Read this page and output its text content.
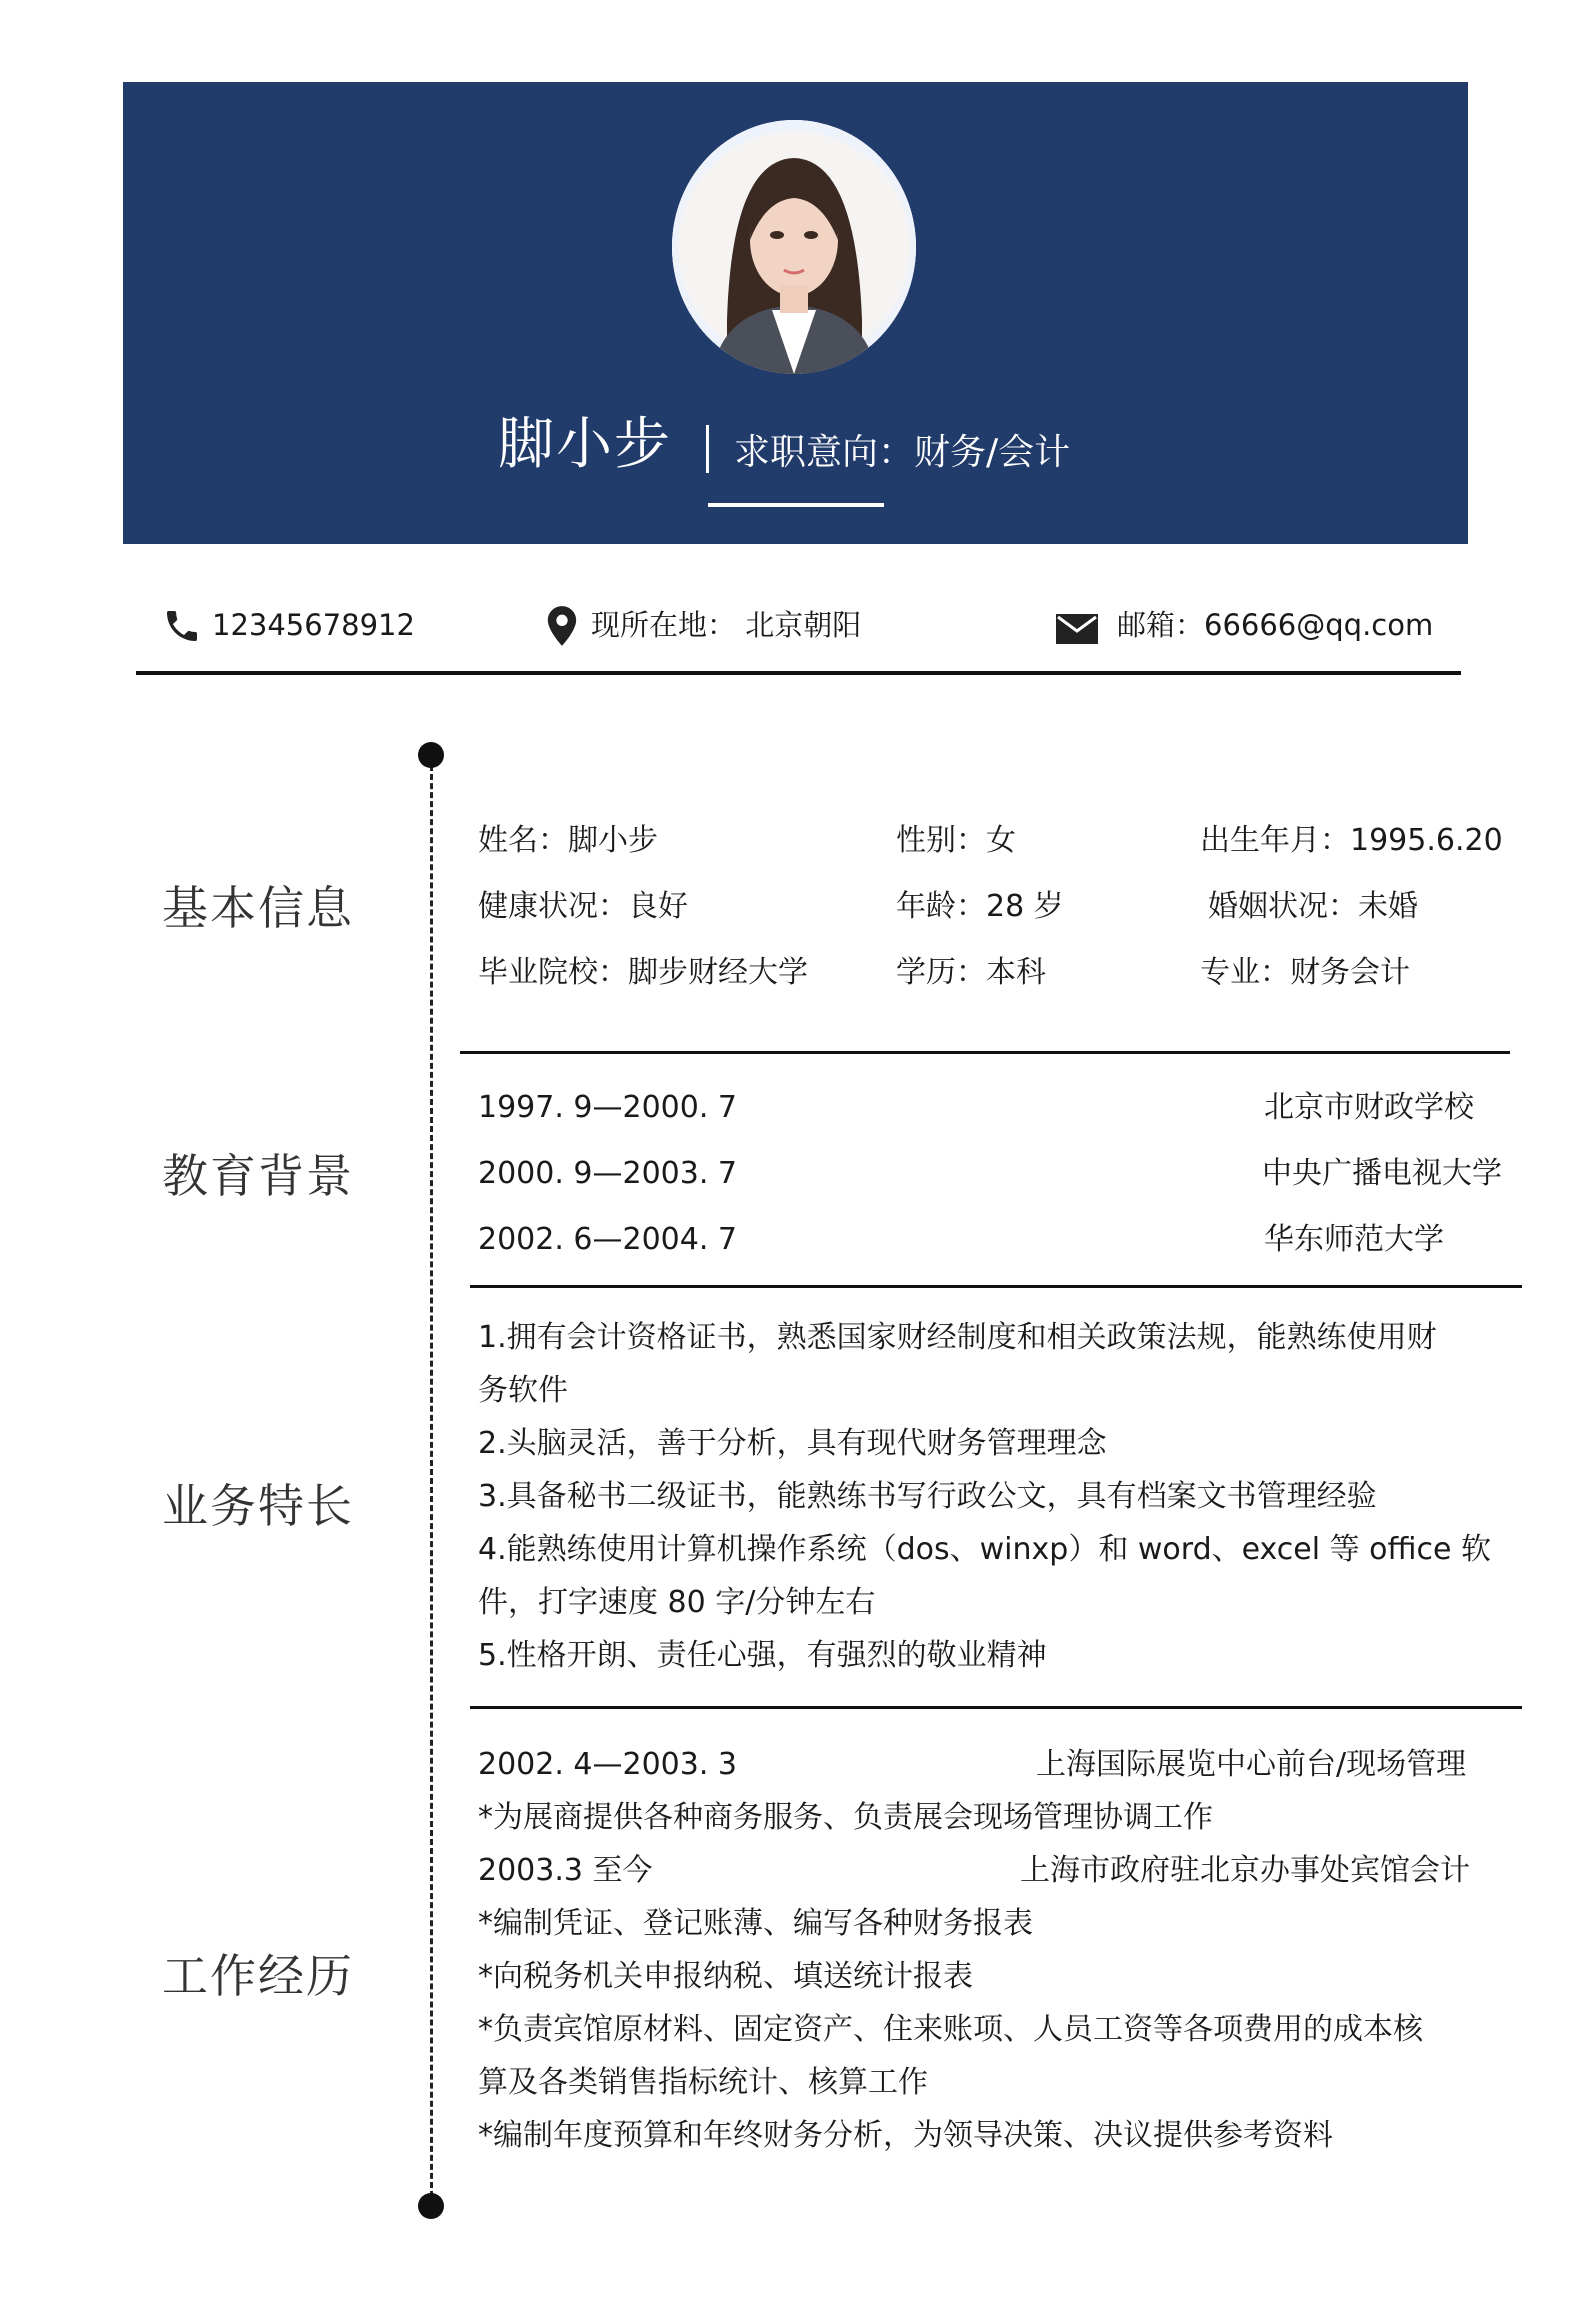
脚小步 求职意向：财务/会计
12345678912	现所在地： 北京朝阳	邮箱：66666@qq.com
基本信息
教育背景
业务特长
工作经历
姓名：脚小步	性别：女	出生年月：1995.6.20
健康状况：良好	年龄：28 岁	婚姻状况：未婚
毕业院校：脚步财经大学	学历：本科	专业：财务会计
1997. 9—2000. 7	北京市财政学校
2000. 9—2003. 7	中央广播电视大学
2002. 6—2004. 7	华东师范大学
1.拥有会计资格证书，熟悉国家财经制度和相关政策法规，能熟练使用财
务软件
2.头脑灵活，善于分析，具有现代财务管理理念
3.具备秘书二级证书，能熟练书写行政公文，具有档案文书管理经验
4.能熟练使用计算机操作系统（dos、winxp）和 word、excel 等 office 软
件，打字速度 80 字/分钟左右
5.性格开朗、责任心强，有强烈的敬业精神
2002. 4—2003. 3	上海国际展览中心前台/现场管理
*为展商提供各种商务服务、负责展会现场管理协调工作
2003.3 至今	上海市政府驻北京办事处宾馆会计
*编制凭证、登记账薄、编写各种财务报表
*向税务机关申报纳税、填送统计报表
*负责宾馆原材料、固定资产、住来账项、人员工资等各项费用的成本核
算及各类销售指标统计、核算工作
*编制年度预算和年终财务分析，为领导决策、决议提供参考资料
